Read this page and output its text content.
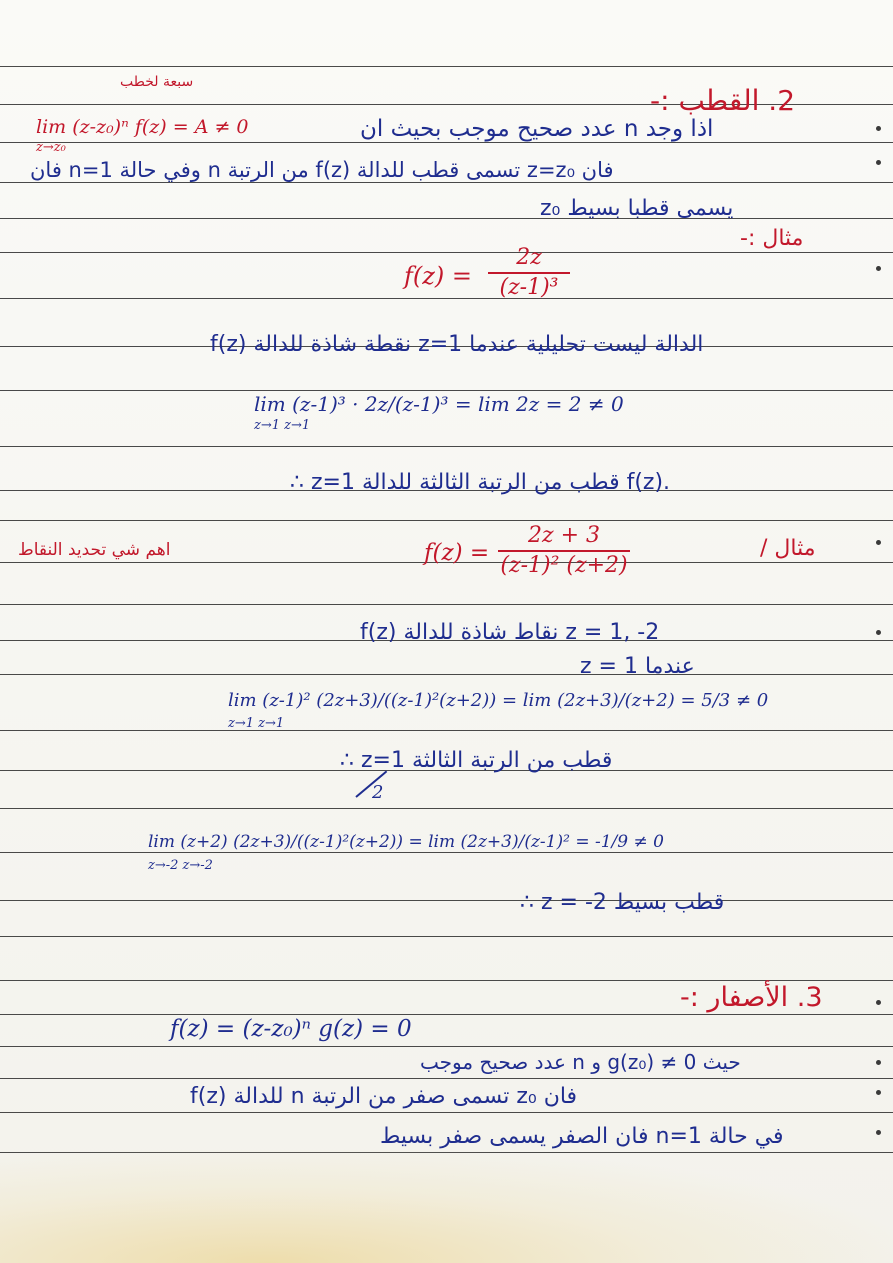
2. القطب :-
سبعة لخطب
اذا وجد n عدد صحيح موجب بحيث ان
lim (z-z₀)ⁿ f(z) = A ≠ 0
z→z₀
فان z=z₀ تسمى قطب للدالة f(z) من الرتبة n وفي حالة n=1 فان
z₀ يسمى قطبا بسيط
مثال :-
f(z) =
2z
(z-1)³
الدالة ليست تحليلية عندما z=1 نقطة شاذة للدالة f(z)
lim (z-1)³ · 2z/(z-1)³ = lim 2z = 2 ≠ 0
z→1 z→1
∴ z=1 قطب من الرتبة الثالثة للدالة f(z).
مثال /
اهم شي تحديد النقاط	f(z) =
2z + 3
(z-1)² (z+2)
f(z) نقاط شاذة للدالة z = 1, -2
عندما z = 1
lim (z-1)² (2z+3)/((z-1)²(z+2)) = lim (2z+3)/(z+2) = 5/3 ≠ 0
z→1 z→1
∴ z=1 قطب من الرتبة الثالثة
2
lim (z+2) (2z+3)/((z-1)²(z+2)) = lim (2z+3)/(z-1)² = -1/9 ≠ 0
z→-2 z→-2
∴ z = -2 قطب بسيط
3. الأصفار :-
f(z) = (z-z₀)ⁿ g(z) = 0
حيث g(z₀) ≠ 0 و n عدد صحيح موجب
فان z₀ تسمى صفر من الرتبة n للدالة f(z)
في حالة n=1 فان الصفر يسمى صفر بسيط
